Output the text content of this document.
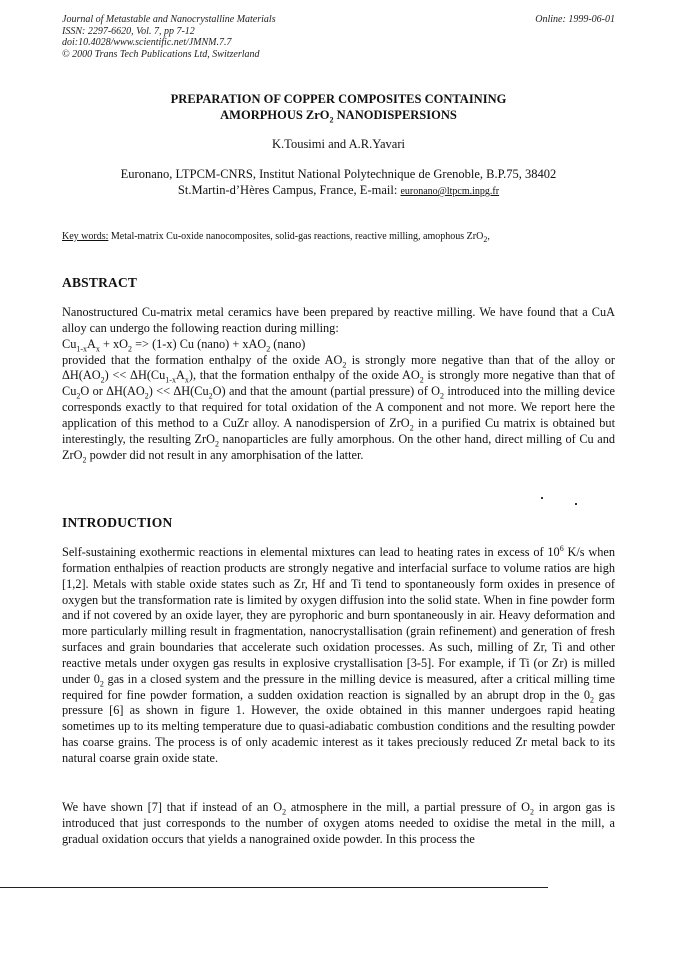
Journal of Metastable and Nanocrystalline Materials
ISSN: 2297-6620, Vol. 7, pp 7-12
doi:10.4028/www.scientific.net/JMNM.7.7
© 2000 Trans Tech Publications Ltd, Switzerland
Online: 1999-06-01
PREPARATION OF COPPER COMPOSITES CONTAINING
AMORPHOUS ZrO$_2$ NANODISPERSIONS
K.Tousimi and A.R.Yavari
Euronano, LTPCM-CNRS, Institut National Polytechnique de Grenoble, B.P.75, 38402
St.Martin-d’Hères Campus, France, E-mail: euronano@ltpcm.inpg.fr
Key words: Metal-matrix Cu-oxide nanocomposites, solid-gas reactions, reactive milling, amophous ZrO$_2$,
ABSTRACT

Nanostructured Cu-matrix metal ceramics have been prepared by reactive milling. We have found that a CuA alloy can undergo the following reaction during milling:

$Cu_{1-x}A_x + xO_2 => (1-x)$ Cu (nano) + xAO$_2$ (nano)

provided that the formation enthalpy of the oxide $AO_2$ is strongly more negative than that of the alloy or $\Delta H(AO_2) << \Delta H(Cu_{1-x}A_x)$, that the formation enthalpy of the oxide $AO_2$ is strongly more negative than that of $Cu_2O$ or $\Delta H(AO_2) << \Delta H(Cu_2O)$ and that the amount (partial pressure) of $O_2$ introduced into the milling device corresponds exactly to that required for total oxidation of the A component and not more. We report here the application of this method to a CuZr alloy. A nanodispersion of ZrO$_2$ in a purified Cu matrix is obtained but interestingly, the resulting ZrO$_2$ nanoparticles are fully amorphous. On the other hand, direct milling of Cu and ZrO$_2$ powder did not result in any amorphisation of the latter.

INTRODUCTION

Self-sustaining exothermic reactions in elemental mixtures can lead to heating rates in excess of $10^6$ K/s when formation enthalpies of reaction products are strongly negative and interfacial surface to volume ratios are high [1,2]. Metals with stable oxide states such as Zr, Hf and Ti tend to spontaneously form oxides in presence of oxygen but the transformation rate is limited by oxygen diffusion into the solid state. When in fine powder form and if not covered by an oxide layer, they are pyrophoric and burn spontaneously in air. Heavy deformation and more particularly milling result in fragmentation, nanocrystallisation (grain refinement) and generation of fresh surfaces and grain boundaries that accelerate such oxidation processes. As such, milling of Zr, Ti and other reactive metals under oxygen gas results in explosive crystallisation [3-5]. For example, if Ti (or Zr) is milled under $0_2$ gas in a closed system and the pressure in the milling device is measured, after a critical milling time required for fine powder formation, a sudden oxidation reaction is signalled by an abrupt drop in the $0_2$ gas pressure [6] as shown in figure 1. However, the oxide obtained in this manner undergoes rapid heating sometimes up to its melting temperature due to quasi-adiabatic combustion conditions and the resulting powder has coarse grains. The process is of only academic interest as it takes preciously reduced Zr metal back to its natural coarse grain oxide state.

We have shown [7] that if instead of an $O_2$ atmosphere in the mill, a partial pressure of $O_2$ in argon gas is introduced that just corresponds to the number of oxygen atoms needed to oxidise the metal in the mill, a gradual oxidation occurs that yields a nanograined oxide powder. In this process the
